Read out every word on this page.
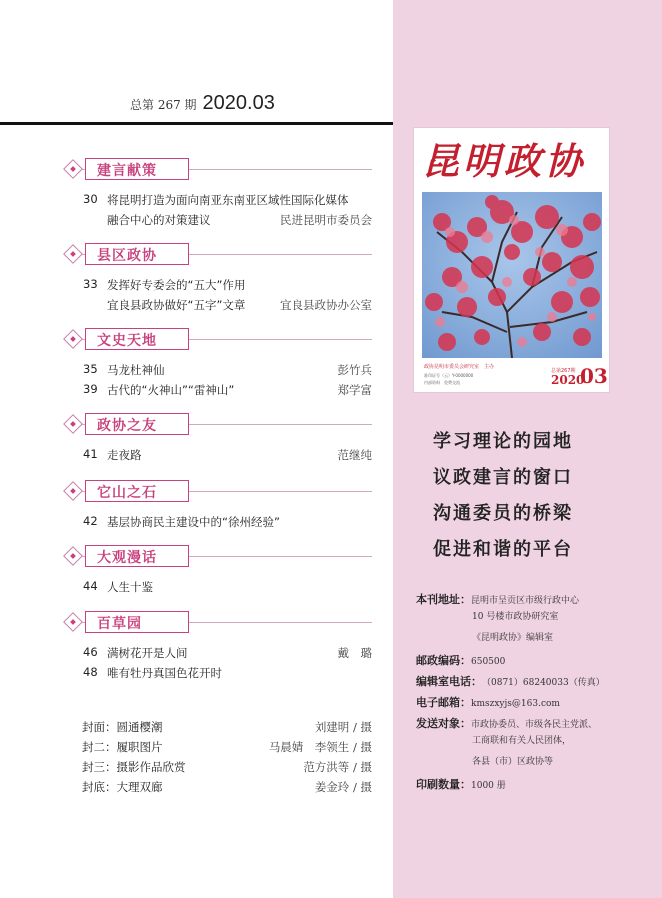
总第 267 期 2020.03
建言献策
30 将昆明打造为面向南亚东南亚区域性国际化媒体
融合中心的对策建议	民进昆明市委员会
县区政协
33 发挥好专委会的“五大”作用
宜良县政协做好“五字”文章	宜良县政协办公室
文史天地
35 马龙杜神仙	彭竹兵
39 古代的“火神山”“雷神山”	郑学富
政协之友
41 走夜路	范继纯
它山之石
42 基层协商民主建设中的“徐州经验”
大观漫话
44 人生十鉴
百草园
46 满树花开是人间	戴　璐
48 唯有牡丹真国色花开时
封面：圆通樱潮	刘建明 / 摄
封二：履职图片	马晨婧　李领生 / 摄
封三：摄影作品欣赏	范方洪等 / 摄
封底：大理双廊	姜金玲 / 摄
昆明政协
政协昆明市委员会研究室　主办
准印证号（云）Y-0000000
内部资料　免费交流
总第267期
2020
03
学习理论的园地
议政建言的窗口
沟通委员的桥梁
促进和谐的平台
本刊地址：昆明市呈贡区市级行政中心
10 号楼市政协研究室
《昆明政协》编辑室
邮政编码：650500
编辑室电话：（0871）68240033（传真）
电子邮箱：kmszxyjs@163.com
发送对象：市政协委员、市级各民主党派、
工商联和有关人民团体，
各县（市）区政协等
印刷数量：1000 册
